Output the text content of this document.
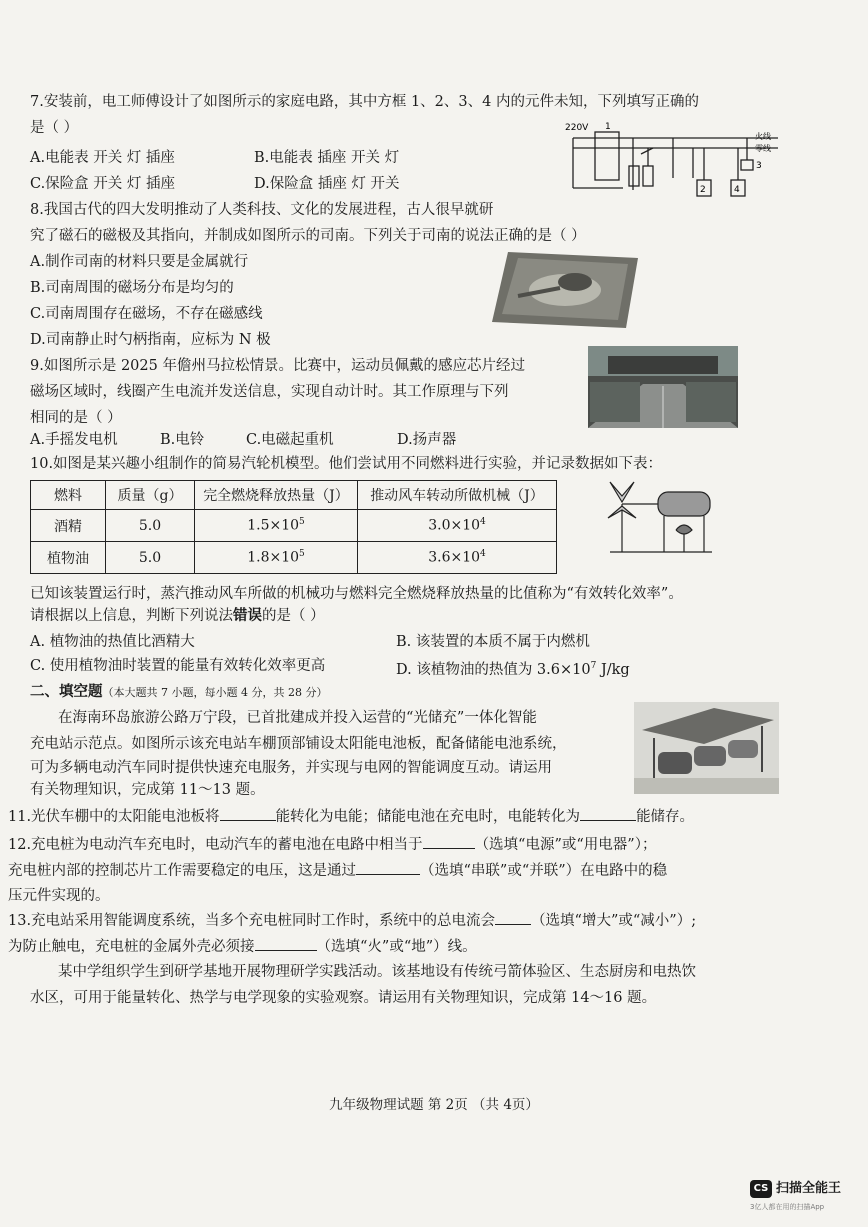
7.安装前，电工师傅设计了如图所示的家庭电路，其中方框 1、2、3、4 内的元件未知，下列填写正确的
是（ ）
A.电能表 开关 灯 插座	B.电能表 插座 开关 灯
C.保险盒 开关 灯 插座	D.保险盒 插座 灯 开关
220V 1
火线
零线
2
3
4
8.我国古代的四大发明推动了人类科技、文化的发展进程，古人很早就研
究了磁石的磁极及其指向，并制成如图所示的司南。下列关于司南的说法正确的是（ ）
A.制作司南的材料只要是金属就行
B.司南周围的磁场分布是均匀的
C.司南周围存在磁场，不存在磁感线
D.司南静止时勺柄指南，应标为 N 极
9.如图所示是 2025 年儋州马拉松情景。比赛中，运动员佩戴的感应芯片经过
磁场区域时，线圈产生电流并发送信息，实现自动计时。其工作原理与下列
相同的是（ ）
A.手摇发电机	B.电铃	C.电磁起重机	D.扬声器
10.如图是某兴趣小组制作的简易汽轮机模型。他们尝试用不同燃料进行实验，并记录数据如下表：
燃料	质量（g）	完全燃烧释放热量（J）	推动风车转动所做机械（J）
酒精	5.0	$1.5\times 10^5$	$3.0\times 10^4$
植物油	5.0	$1.8\times 10^5$	$3.6\times 10^4$
已知该装置运行时，蒸汽推动风车所做的机械功与燃料完全燃烧释放热量的比值称为“有效转化效率”。
请根据以上信息，判断下列说法错误的是（ ）
A. 植物油的热值比酒精大	B. 该装置的本质不属于内燃机
C. 使用植物油时装置的能量有效转化效率更高	D. 该植物油的热值为 $3.6\times 10^7$ J/kg
二、填空题（本大题共 7 小题，每小题 4 分，共 28 分）
在海南环岛旅游公路万宁段，已首批建成并投入运营的“光储充”一体化智能
充电站示范点。如图所示该充电站车棚顶部铺设太阳能电池板，配备储能电池系统，
可为多辆电动汽车同时提供快速充电服务，并实现与电网的智能调度互动。请运用
有关物理知识，完成第 11～13 题。
11.光伏车棚中的太阳能电池板将	能转化为电能；储能电池在充电时，电能转化为	能储存。
12.充电桩为电动汽车充电时，电动汽车的蓄电池在电路中相当于	（选填“电源”或“用电器”）；
充电桩内部的控制芯片工作需要稳定的电压，这是通过	（选填“串联”或“并联”）在电路中的稳
压元件实现的。
13.充电站采用智能调度系统，当多个充电桩同时工作时，系统中的总电流会 （选填“增大”或“减小”）;
为防止触电，充电桩的金属外壳必须接	（选填“火”或“地”）线。
某中学组织学生到研学基地开展物理研学实践活动。该基地设有传统弓箭体验区、生态厨房和电热饮
水区，可用于能量转化、热学与电学现象的实验观察。请运用有关物理知识，完成第 14～16 题。
九年级物理试题 第 2页 （共 4页）
CS 扫描全能王
3亿人都在用的扫描App
